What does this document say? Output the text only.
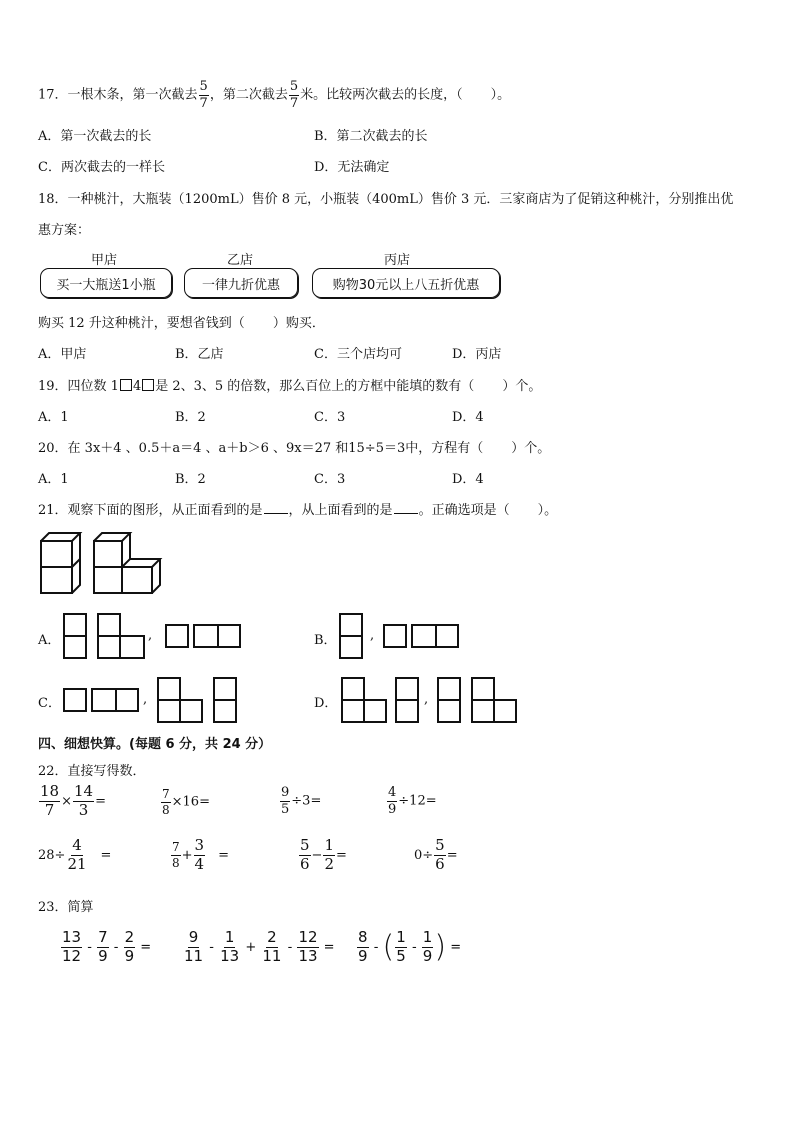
17．一根木条，第一次截去 $\frac{5}{7}$ ，第二次截去 $\frac{5}{7}$ 米。比较两次截去的长度，（ ）。
A．第一次截去的长	B．第二次截去的长
C．两次截去的一样长	D．无法确定
18．一种桃汁，大瓶装（1200mL）售价 8 元，小瓶装（400mL）售价 3 元．三家商店为了促销这种桃汁，分别推出优
惠方案：
甲店	乙店	丙店
买一大瓶送1小瓶	一律九折优惠	购物30元以上八五折优惠
购买 12 升这种桃汁，要想省钱到（ ）购买．
A．甲店	B．乙店	C．三个店均可	D．丙店
19．四位数 1 4 是 2、3、5 的倍数，那么百位上的方框中能填的数有（ ）个。
A．1	B．2	C．3	D．4
20．在 3x＋4 、0.5＋a＝4 、a＋b＞6 、9x＝27 和15÷5＝3中，方程有（ ）个。
A．1	B．2	C．3	D．4
21．观察下面的图形，从正面看到的是 ，从上面看到的是 。正确选项是（ ）。
A．	,	B．	,
C．	,	D．	,
四、细想快算。(每题 6 分，共 24 分）
22．直接写得数．
$\frac{18}{7} \times \frac{14}{3}$ =	$\frac{7}{8} \times 16=$	$\frac{9}{5} \div 3=$	$\frac{4}{9} \div 12=$
$28\div \frac{4}{21}$ =	$\frac{7}{8} + \frac{3}{4}$ =	$\frac{5}{6} - \frac{1}{2}$ =	$0\div \frac{5}{6}$ =
23．简算
$\frac{13}{12} - \frac{7}{9} - \frac{2}{9} = \frac{9}{11} - \frac{1}{13} + \frac{2}{11} - \frac{12}{13} = \frac{8}{9}$ - ( $\frac{1}{5} - \frac{1}{9}$ ) =
